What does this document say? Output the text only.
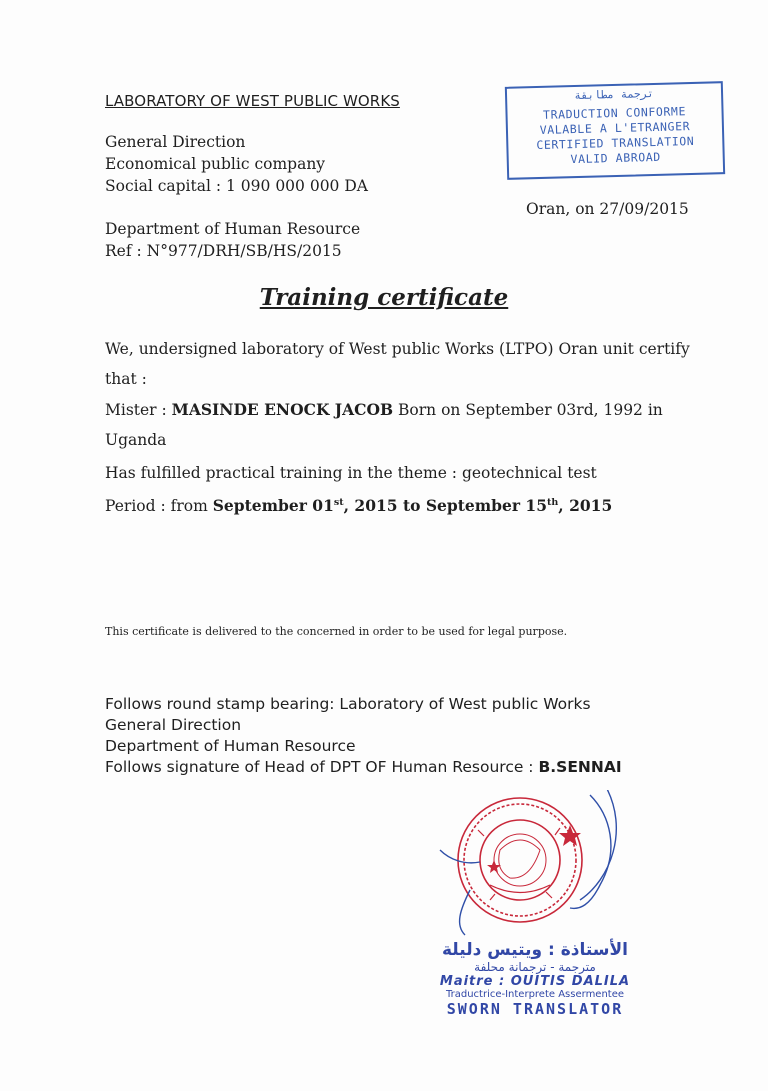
LABORATORY OF WEST PUBLIC WORKS
General Direction
Economical public company
Social capital : 1 090 000 000 DA
Department of Human Resource
Ref : N°977/DRH/SB/HS/2015
ترجمة مطابقة
TRADUCTION CONFORME
VALABLE A L'ETRANGER
CERTIFIED TRANSLATION
VALID ABROAD
Oran, on 27/09/2015
Training certificate
We, undersigned laboratory of West public Works (LTPO) Oran unit certify
that :
Mister : MASINDE ENOCK JACOB Born on September 03rd, 1992 in
Uganda
Has fulfilled practical training in the theme : geotechnical test
Period : from September 01st, 2015 to September 15th, 2015
This certificate is delivered to the concerned in order to be used for legal purpose.
Follows round stamp bearing: Laboratory of West public Works
General Direction
Department of Human Resource
Follows signature of Head of DPT OF Human Resource : B.SENNAI

الأستاذة : ويتيس دليلة

مترجمة - ترجمانة محلفة

Maitre : OUITIS DALILA

Traductrice-Interprete Assermentee

SWORN TRANSLATOR
